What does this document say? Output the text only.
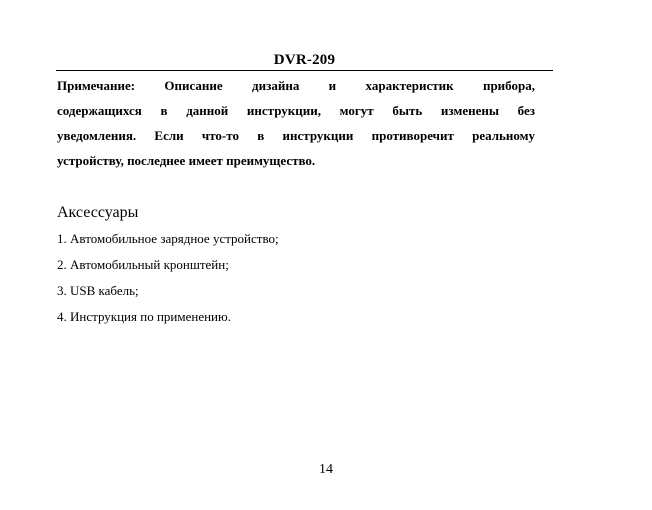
DVR-209
Примечание: Описание дизайна и характеристик прибора,
содержащихся в данной инструкции, могут быть изменены без
уведомления. Если что-то в инструкции противоречит реальному
устройству, последнее имеет преимущество.
Аксессуары
1. Автомобильное зарядное устройство;
2. Автомобильный кронштейн;
3. USB кабель;
4. Инструкция по применению.
14
